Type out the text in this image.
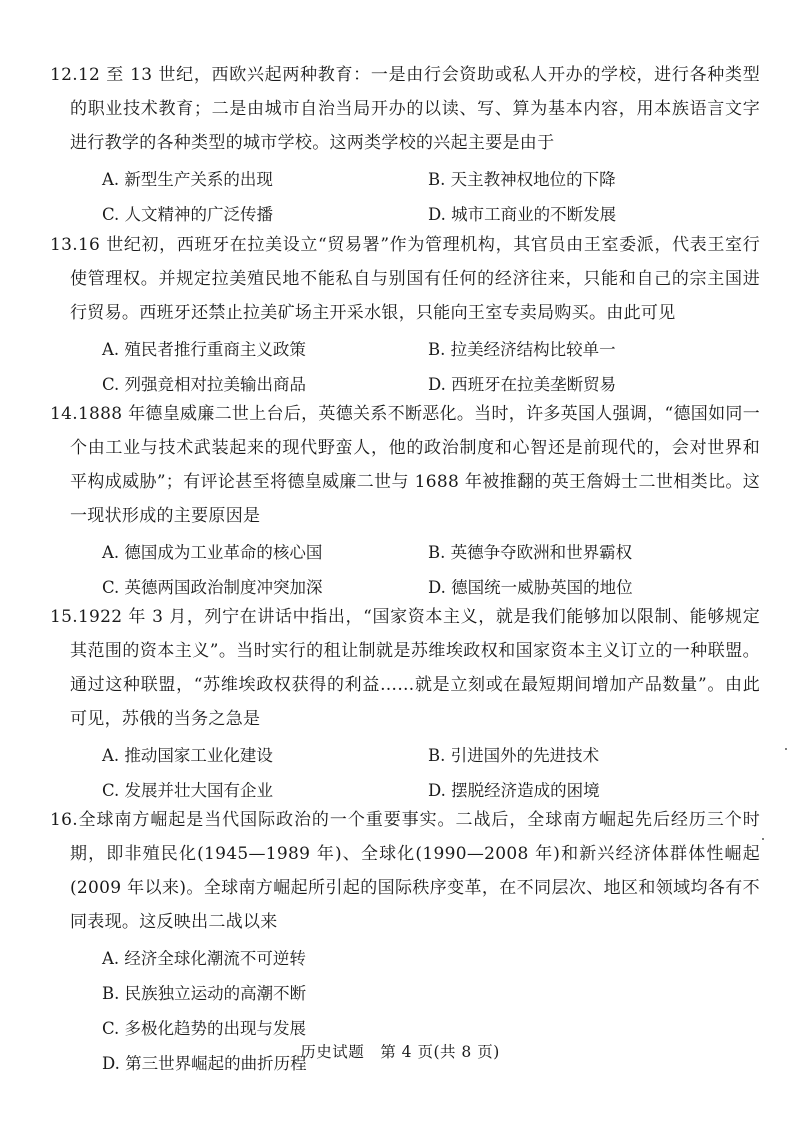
12.12 至 13 世纪，西欧兴起两种教育：一是由行会资助或私人开办的学校，进行各种类型的职业技术教育；二是由城市自治当局开办的以读、写、算为基本内容，用本族语言文字进行教学的各种类型的城市学校。这两类学校的兴起主要是由于

A. 新型生产关系的出现	B. 天主教神权地位的下降
C. 人文精神的广泛传播	D. 城市工商业的不断发展

13.16 世纪初，西班牙在拉美设立“贸易署”作为管理机构，其官员由王室委派，代表王室行使管理权。并规定拉美殖民地不能私自与别国有任何的经济往来，只能和自己的宗主国进行贸易。西班牙还禁止拉美矿场主开采水银，只能向王室专卖局购买。由此可见

A. 殖民者推行重商主义政策	B. 拉美经济结构比较单一
C. 列强竞相对拉美输出商品	D. 西班牙在拉美垄断贸易

14.1888 年德皇威廉二世上台后，英德关系不断恶化。当时，许多英国人强调，“德国如同一个由工业与技术武装起来的现代野蛮人，他的政治制度和心智还是前现代的，会对世界和平构成威胁”；有评论甚至将德皇威廉二世与 1688 年被推翻的英王詹姆士二世相类比。这一现状形成的主要原因是

A. 德国成为工业革命的核心国	B. 英德争夺欧洲和世界霸权
C. 英德两国政治制度冲突加深	D. 德国统一威胁英国的地位

15.1922 年 3 月，列宁在讲话中指出，“国家资本主义，就是我们能够加以限制、能够规定其范围的资本主义”。当时实行的租让制就是苏维埃政权和国家资本主义订立的一种联盟。通过这种联盟，“苏维埃政权获得的利益……就是立刻或在最短期间增加产品数量”。由此可见，苏俄的当务之急是

A. 推动国家工业化建设	B. 引进国外的先进技术
C. 发展并壮大国有企业	D. 摆脱经济造成的困境

16.全球南方崛起是当代国际政治的一个重要事实。二战后，全球南方崛起先后经历三个时期，即非殖民化(1945—1989 年)、全球化(1990—2008 年)和新兴经济体群体性崛起(2009 年以来)。全球南方崛起所引起的国际秩序变革，在不同层次、地区和领域均各有不同表现。这反映出二战以来

A. 经济全球化潮流不可逆转
B. 民族独立运动的高潮不断
C. 多极化趋势的出现与发展
D. 第三世界崛起的曲折历程
历史试题　第 4 页(共 8 页)
